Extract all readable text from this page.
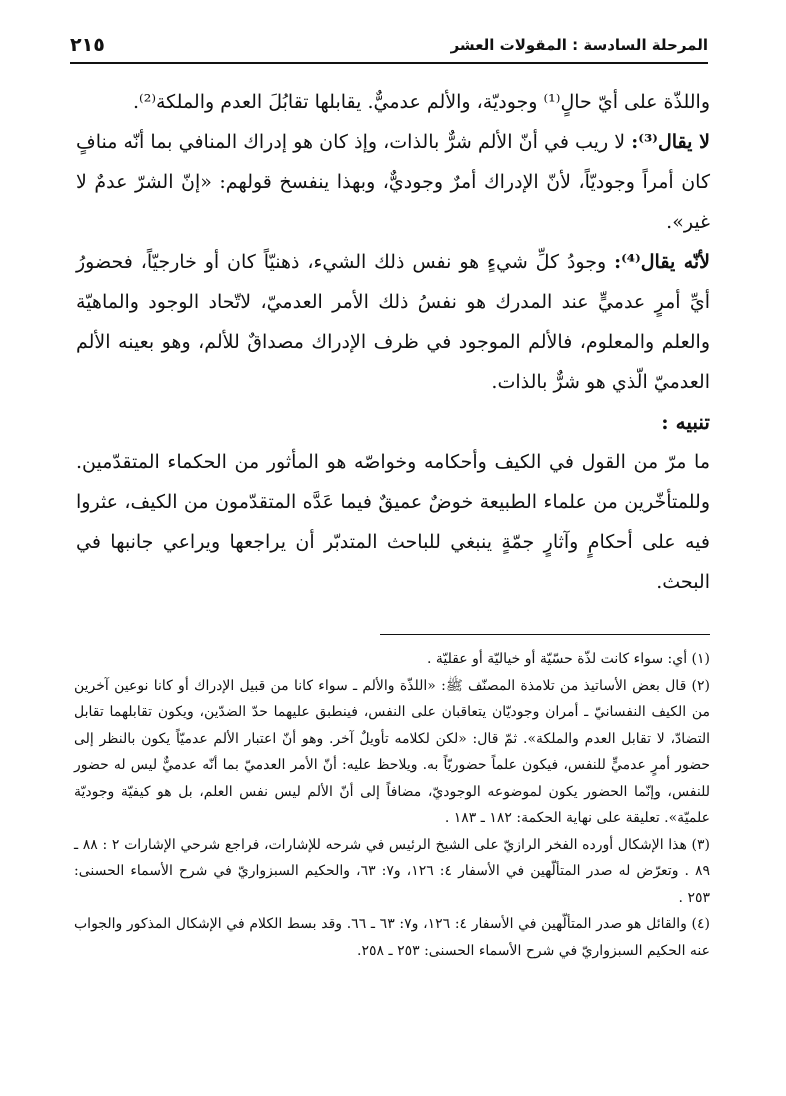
المرحلة السادسة : المقولات العشر
٢١٥

واللذّة على أيّ حالٍ⁽¹⁾ وجوديّة، والألم عدميٌّ. يقابلها تقابُلَ العدم والملكة⁽²⁾.

لا يقال⁽³⁾: لا ريب في أنّ الألم شرٌّ بالذات، وإذ كان هو إدراك المنافي بما أنّه منافٍ كان أمراً وجوديّاً، لأنّ الإدراك أمرٌ وجوديٌّ، وبهذا ينفسخ قولهم: «إنّ الشرّ عدمٌ لا غير».

لأنّه يقال⁽⁴⁾: وجودُ كلِّ شيءٍ هو نفس ذلك الشيء، ذهنيّاً كان أو خارجيّاً، فحضورُ أيِّ أمرٍ عدميٍّ عند المدرك هو نفسُ ذلك الأمر العدميّ، لاتّحاد الوجود والماهيّة والعلم والمعلوم، فالألم الموجود في ظرف الإدراك مصداقٌ للألم، وهو بعينه الألم العدميّ الّذي هو شرٌّ بالذات.

تنبيه :

ما مرّ من القول في الكيف وأحكامه وخواصّه هو المأثور من الحكماء المتقدّمين. وللمتأخّرين من علماء الطبيعة خوضٌ عميقٌ فيما عَدَّه المتقدّمون من الكيف، عثروا فيه على أحكامٍ وآثارٍ جمّةٍ ينبغي للباحث المتدبّر أن يراجعها ويراعي جانبها في البحث.

(١) أي: سواء كانت لذّة حسّيّة أو خياليّة أو عقليّة .

(٢) قال بعض الأساتيذ من تلامذة المصنّف ﷺ: «اللذّة والألم ـ سواء كانا من قبيل الإدراك أو كانا نوعين آخرين من الكيف النفسانيّ ـ أمران وجوديّان يتعاقبان على النفس، فينطبق عليهما حدّ الضدّين، ويكون تقابلهما تقابل التضادّ، لا تقابل العدم والملكة». ثمّ قال: «لكن لكلامه تأويلٌ آخر. وهو أنّ اعتبار الألم عدميّاً يكون بالنظر إلى حضور أمرٍ عدميٍّ للنفس، فيكون علماً حضوريّاً به. ويلاحظ عليه: أنّ الأمر العدميّ بما أنّه عدميٌّ ليس له حضور للنفس، وإنّما الحضور يكون لموضوعه الوجوديّ، مضافاً إلى أنّ الألم ليس نفس العلم، بل هو كيفيّة وجوديّة علميّة». تعليقة على نهاية الحكمة: ١٨٢ ـ ١٨٣ .

(٣) هذا الإشكال أورده الفخر الرازيّ على الشيخ الرئيس في شرحه للإشارات، فراجع شرحي الإشارات ٢ : ٨٨ ـ ٨٩ . وتعرّض له صدر المتألّهين في الأسفار ٤: ١٢٦، و٧: ٦٣، والحكيم السبزواريّ في شرح الأسماء الحسنى: ٢٥٣ .

(٤) والقائل هو صدر المتألّهين في الأسفار ٤: ١٢٦، و٧: ٦٣ ـ ٦٦. وقد بسط الكلام في الإشكال المذكور والجواب عنه الحكيم السبزواريّ في شرح الأسماء الحسنى: ٢٥٣ ـ ٢٥٨.
